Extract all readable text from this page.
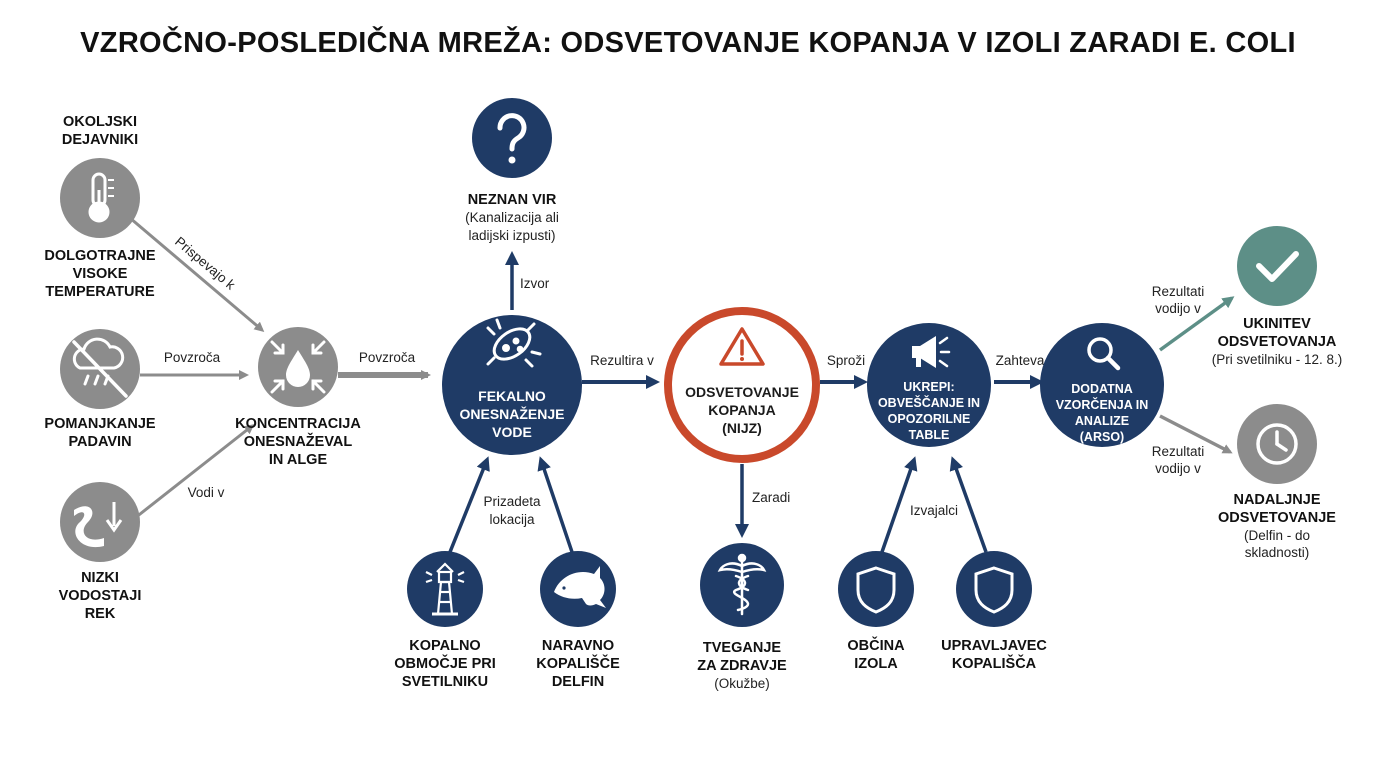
VZROČNO-POSLEDIČNA MREŽA: ODSVETOVANJE KOPANJA V IZOLI ZARADI E. COLI
Prispevajo k
Povzroča
Vodi v
Povzroča
Izvor
Prizadeta
lokacija
Rezultira v
Zaradi
Sproži
Izvajalci
Zahteva
Rezultati
vodijo v
Rezultati
vodijo v
OKOLJSKI
DEJAVNIKI
DOLGOTRAJNE
VISOKE
TEMPERATURE
POMANJKANJE
PADAVIN
NIZKI
VODOSTAJI
REK
KONCENTRACIJA
ONESNAŽEVAL
IN ALGE
NEZNAN VIR
(Kanalizacija ali
ladijski izpusti)
FEKALNO
ONESNAŽENJE
VODE
KOPALNO
OBMOČJE PRI
SVETILNIKU
NARAVNO
KOPALIŠČE
DELFIN
ODSVETOVANJE
KOPANJA
(NIJZ)
TVEGANJE
ZA ZDRAVJE
(Okužbe)
UKREPI:
OBVEŠČANJE IN
OPOZORILNE
TABLE
OBČINA
IZOLA
UPRAVLJAVEC
KOPALIŠČA
DODATNA
VZORČENJA IN
ANALIZE
(ARSO)
UKINITEV
ODSVETOVANJA
(Pri svetilniku - 12. 8.)
NADALJNJE
ODSVETOVANJE
(Delfin - do
skladnosti)
